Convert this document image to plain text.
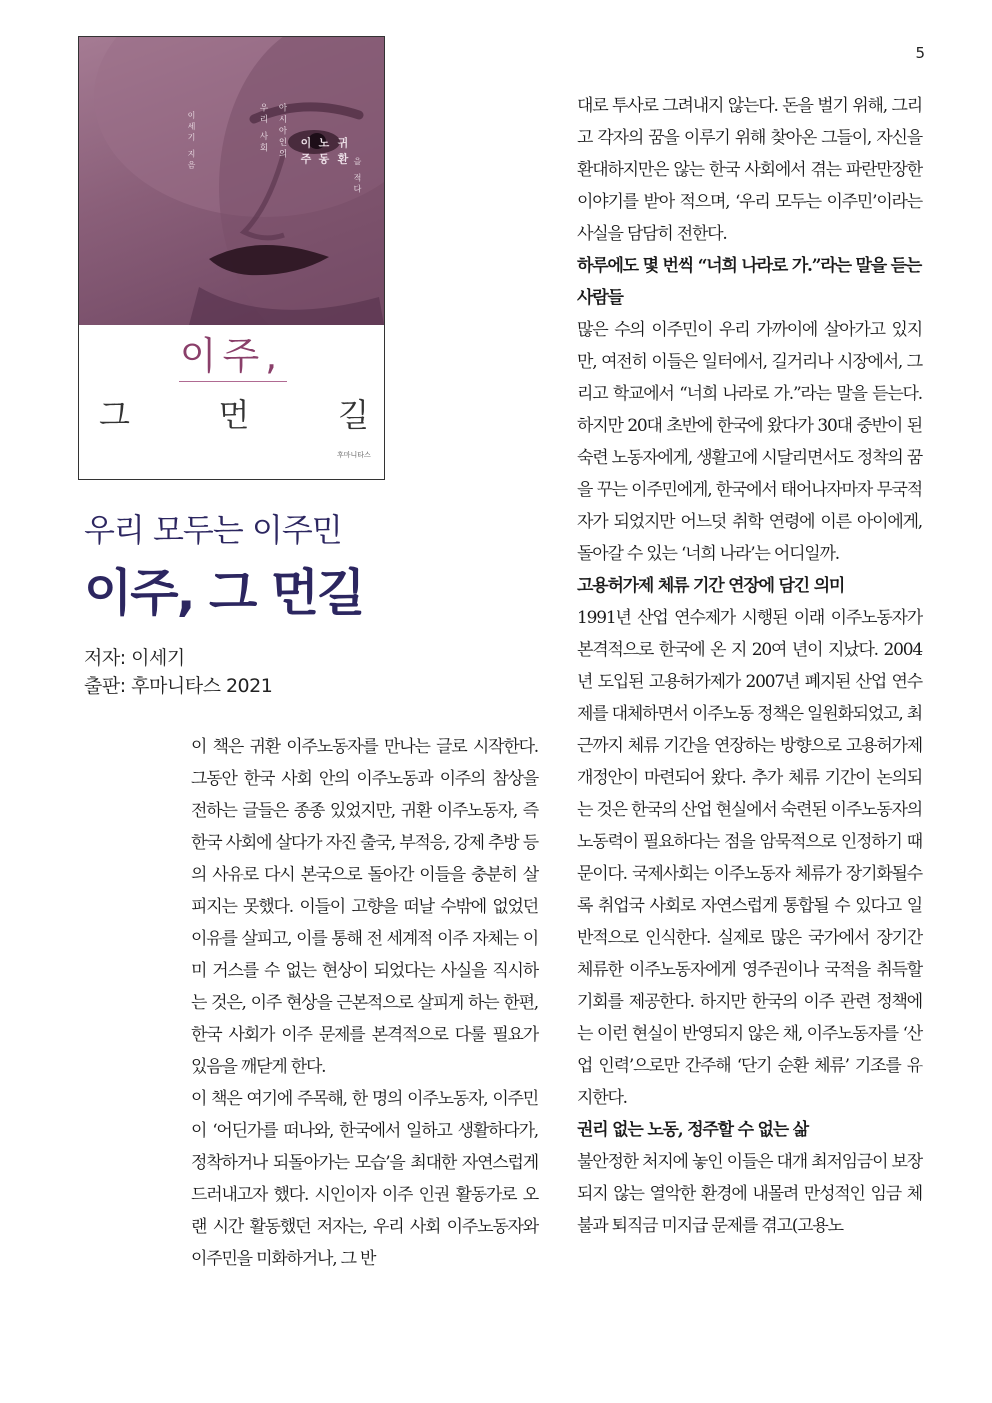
5
이세기 지음	우리 사회 아시아인의 이주 노동 귀환
을 적다
이주,
그	먼	길
후마니타스
우리 모두는 이주민
이주, 그 먼길
저자: 이세기
출판: 후마니타스 2021

이 책은 귀환 이주노동자를 만나는 글로 시작한다. 그동안 한국 사회 안의 이주노동과 이주의 참상을 전하는 글들은 종종 있었지만, 귀환 이주노동자, 즉 한국 사회에 살다가 자진 출국, 부적응, 강제 추방 등의 사유로 다시 본국으로 돌아간 이들을 충분히 살피지는 못했다. 이들이 고향을 떠날 수밖에 없었던 이유를 살피고, 이를 통해 전 세계적 이주 자체는 이미 거스를 수 없는 현상이 되었다는 사실을 직시하는 것은, 이주 현상을 근본적으로 살피게 하는 한편, 한국 사회가 이주 문제를 본격적으로 다룰 필요가 있음을 깨닫게 한다.

이 책은 여기에 주목해, 한 명의 이주노동자, 이주민이 ‘어딘가를 떠나와, 한국에서 일하고 생활하다가, 정착하거나 되돌아가는 모습’을 최대한 자연스럽게 드러내고자 했다. 시인이자 이주 인권 활동가로 오랜 시간 활동했던 저자는, 우리 사회 이주노동자와 이주민을 미화하거나, 그 반

대로 투사로 그려내지 않는다. 돈을 벌기 위해, 그리고 각자의 꿈을 이루기 위해 찾아온 그들이, 자신을 환대하지만은 않는 한국 사회에서 겪는 파란만장한 이야기를 받아 적으며, ‘우리 모두는 이주민’이라는 사실을 담담히 전한다.

하루에도 몇 번씩 “너희 나라로 가.”라는 말을 듣는 사람들

많은 수의 이주민이 우리 가까이에 살아가고 있지만, 여전히 이들은 일터에서, 길거리나 시장에서, 그리고 학교에서 “너희 나라로 가.”라는 말을 듣는다. 하지만 20대 초반에 한국에 왔다가 30대 중반이 된 숙련 노동자에게, 생활고에 시달리면서도 정착의 꿈을 꾸는 이주민에게, 한국에서 태어나자마자 무국적자가 되었지만 어느덧 취학 연령에 이른 아이에게, 돌아갈 수 있는 ‘너희 나라’는 어디일까.

고용허가제 체류 기간 연장에 담긴 의미

1991년 산업 연수제가 시행된 이래 이주노동자가 본격적으로 한국에 온 지 20여 년이 지났다. 2004년 도입된 고용허가제가 2007년 폐지된 산업 연수제를 대체하면서 이주노동 정책은 일원화되었고, 최근까지 체류 기간을 연장하는 방향으로 고용허가제 개정안이 마련되어 왔다. 추가 체류 기간이 논의되는 것은 한국의 산업 현실에서 숙련된 이주노동자의 노동력이 필요하다는 점을 암묵적으로 인정하기 때문이다. 국제사회는 이주노동자 체류가 장기화될수록 취업국 사회로 자연스럽게 통합될 수 있다고 일반적으로 인식한다. 실제로 많은 국가에서 장기간 체류한 이주노동자에게 영주권이나 국적을 취득할 기회를 제공한다. 하지만 한국의 이주 관련 정책에는 이런 현실이 반영되지 않은 채, 이주노동자를 ‘산업 인력’으로만 간주해 ‘단기 순환 체류’ 기조를 유지한다.

권리 없는 노동, 정주할 수 없는 삶

불안정한 처지에 놓인 이들은 대개 최저임금이 보장되지 않는 열악한 환경에 내몰려 만성적인 임금 체불과 퇴직금 미지급 문제를 겪고(고용노
